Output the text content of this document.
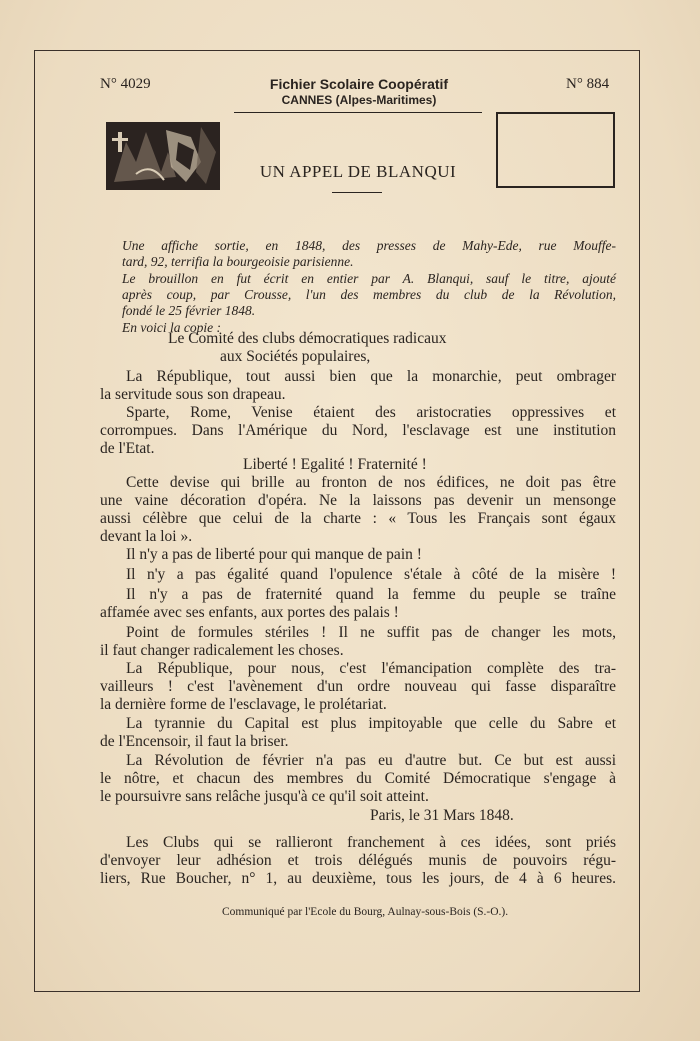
N° 4029	Fichier Scolaire Coopératif
CANNES (Alpes-Maritimes)
N° 884
UN APPEL DE BLANQUI
Une affiche sortie, en 1848, des presses de Mahy-Ede, rue Mouffe-
tard, 92, terrifia la bourgeoisie parisienne.
Le brouillon en fut écrit en entier par A. Blanqui, sauf le titre, ajouté
après coup, par Crousse, l'un des membres du club de la Révolution,
fondé le 25 février 1848.
En voici la copie :
Le Comité des clubs démocratiques radicaux
aux Sociétés populaires,
La République, tout aussi bien que la monarchie, peut ombrager
la servitude sous son drapeau.
Sparte, Rome, Venise étaient des aristocraties oppressives et
corrompues. Dans l'Amérique du Nord, l'esclavage est une institution
de l'Etat.
Liberté ! Egalité ! Fraternité !
Cette devise qui brille au fronton de nos édifices, ne doit pas être
une vaine décoration d'opéra. Ne la laissons pas devenir un mensonge
aussi célèbre que celui de la charte : « Tous les Français sont égaux
devant la loi ».
Il n'y a pas de liberté pour qui manque de pain !
Il n'y a pas égalité quand l'opulence s'étale à côté de la misère !
Il n'y a pas de fraternité quand la femme du peuple se traîne
affamée avec ses enfants, aux portes des palais !
Point de formules stériles ! Il ne suffit pas de changer les mots,
il faut changer radicalement les choses.
La République, pour nous, c'est l'émancipation complète des tra-
vailleurs ! c'est l'avènement d'un ordre nouveau qui fasse disparaître
la dernière forme de l'esclavage, le prolétariat.
La tyrannie du Capital est plus impitoyable que celle du Sabre et
de l'Encensoir, il faut la briser.
La Révolution de février n'a pas eu d'autre but. Ce but est aussi
le nôtre, et chacun des membres du Comité Démocratique s'engage à
le poursuivre sans relâche jusqu'à ce qu'il soit atteint.
Paris, le 31 Mars 1848.
Les Clubs qui se rallieront franchement à ces idées, sont priés
d'envoyer leur adhésion et trois délégués munis de pouvoirs régu-
liers, Rue Boucher, n° 1, au deuxième, tous les jours, de 4 à 6 heures.
Communiqué par l'Ecole du Bourg, Aulnay-sous-Bois (S.-O.).
